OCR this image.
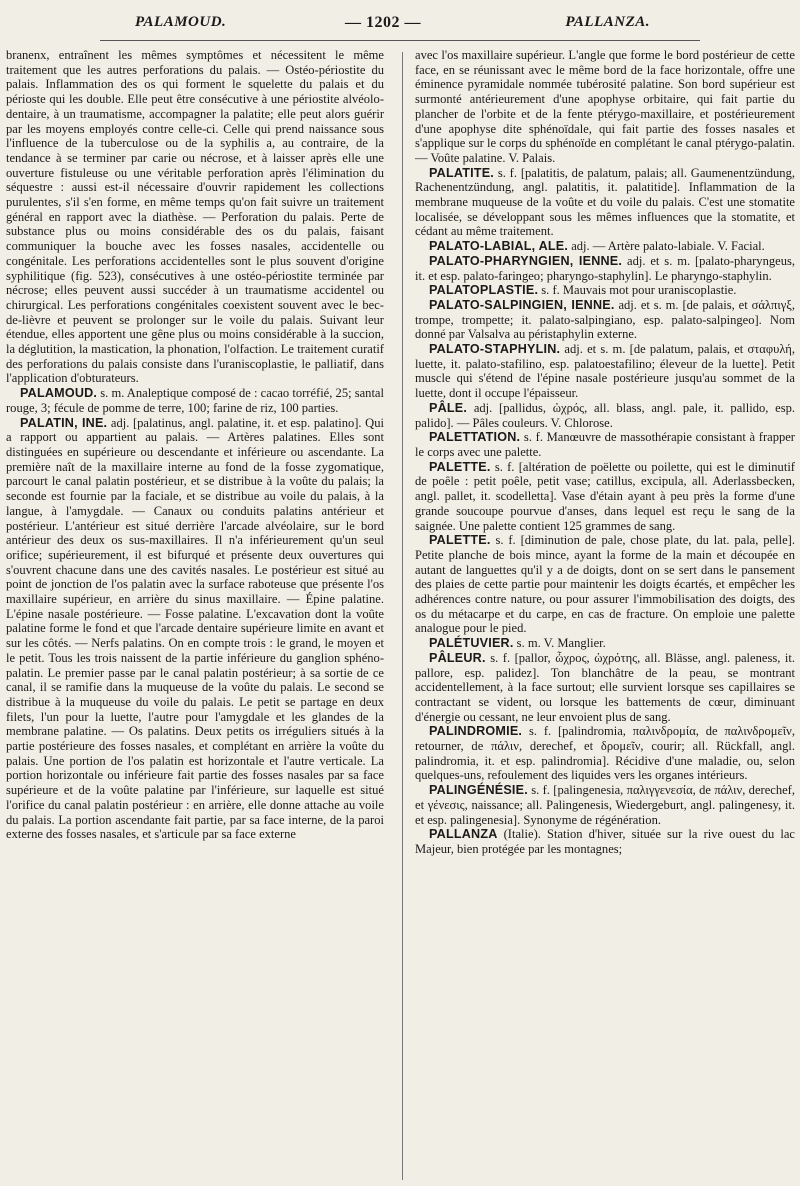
PALAMOUD.	— 1202 —	PALLANZA.

branenx, entraînent les mêmes symptômes et nécessitent le même traitement que les autres perforations du palais. — Ostéo-périostite du palais. Inflammation des os qui forment le squelette du palais et du périoste qui les double. Elle peut être consécutive à une périostite alvéolo-dentaire, à un traumatisme, accompagner la palatite; elle peut alors guérir par les moyens employés contre celle-ci. Celle qui prend naissance sous l'influence de la tuberculose ou de la syphilis a, au contraire, de la tendance à se terminer par carie ou nécrose, et à laisser après elle une ouverture fistuleuse ou une véritable perforation après l'élimination du séquestre : aussi est-il nécessaire d'ouvrir rapidement les collections purulentes, s'il s'en forme, en même temps qu'on fait suivre un traitement général en rapport avec la diathèse. — Perforation du palais. Perte de substance plus ou moins considérable des os du palais, faisant communiquer la bouche avec les fosses nasales, accidentelle ou congénitale. Les perforations accidentelles sont le plus souvent d'origine syphilitique (fig. 523), consécutives à une ostéo-périostite terminée par nécrose; elles peuvent aussi succéder à un traumatisme accidentel ou chirurgical. Les perforations congénitales coexistent souvent avec le bec-de-lièvre et peuvent se prolonger sur le voile du palais. Suivant leur étendue, elles apportent une gêne plus ou moins considérable à la succion, la déglutition, la mastication, la phonation, l'olfaction. Le traitement curatif des perforations du palais consiste dans l'uraniscoplastie, le palliatif, dans l'application d'obturateurs.

PALAMOUD. s. m. Analeptique composé de : cacao torréfié, 25; santal rouge, 3; fécule de pomme de terre, 100; farine de riz, 100 parties.

PALATIN, INE. adj. [palatinus, angl. palatine, it. et esp. palatino]. Qui a rapport ou appartient au palais. — Artères palatines. Elles sont distinguées en supérieure ou descendante et inférieure ou ascendante. La première naît de la maxillaire interne au fond de la fosse zygomatique, parcourt le canal palatin postérieur, et se distribue à la voûte du palais; la seconde est fournie par la faciale, et se distribue au voile du palais, à la langue, à l'amygdale. — Canaux ou conduits palatins antérieur et postérieur. L'antérieur est situé derrière l'arcade alvéolaire, sur le bord antérieur des deux os sus-maxillaires. Il n'a inférieurement qu'un seul orifice; supérieurement, il est bifurqué et présente deux ouvertures qui s'ouvrent chacune dans une des cavités nasales. Le postérieur est situé au point de jonction de l'os palatin avec la surface raboteuse que présente l'os maxillaire supérieur, en arrière du sinus maxillaire. — Épine palatine. L'épine nasale postérieure. — Fosse palatine. L'excavation dont la voûte palatine forme le fond et que l'arcade dentaire supérieure limite en avant et sur les côtés. — Nerfs palatins. On en compte trois : le grand, le moyen et le petit. Tous les trois naissent de la partie inférieure du ganglion sphéno-palatin. Le premier passe par le canal palatin postérieur; à sa sortie de ce canal, il se ramifie dans la muqueuse de la voûte du palais. Le second se distribue à la muqueuse du voile du palais. Le petit se partage en deux filets, l'un pour la luette, l'autre pour l'amygdale et les glandes de la membrane palatine. — Os palatins. Deux petits os irréguliers situés à la partie postérieure des fosses nasales, et complétant en arrière la voûte du palais. Une portion de l'os palatin est horizontale et l'autre verticale. La portion horizontale ou inférieure fait partie des fosses nasales par sa face supérieure et de la voûte palatine par l'inférieure, sur laquelle est situé l'orifice du canal palatin postérieur : en arrière, elle donne attache au voile du palais. La portion ascendante fait partie, par sa face interne, de la paroi externe des fosses nasales, et s'articule par sa face externe

avec l'os maxillaire supérieur. L'angle que forme le bord postérieur de cette face, en se réunissant avec le même bord de la face horizontale, offre une éminence pyramidale nommée tubérosité palatine. Son bord supérieur est surmonté antérieurement d'une apophyse orbitaire, qui fait partie du plancher de l'orbite et de la fente ptérygo-maxillaire, et postérieurement d'une apophyse dite sphénoïdale, qui fait partie des fosses nasales et s'applique sur le corps du sphénoïde en complétant le canal ptérygo-palatin. — Voûte palatine. V. Palais.

PALATITE. s. f. [palatitis, de palatum, palais; all. Gaumenentzündung, Rachenentzündung, angl. palatitis, it. palatitide]. Inflammation de la membrane muqueuse de la voûte et du voile du palais. C'est une stomatite localisée, se développant sous les mêmes influences que la stomatite, et cédant au même traitement.

PALATO-LABIAL, ALE. adj. — Artère palato-labiale. V. Facial.

PALATO-PHARYNGIEN, IENNE. adj. et s. m. [palato-pharyngeus, it. et esp. palato-faringeo; pharyngo-staphylin]. Le pharyngo-staphylin.

PALATOPLASTIE. s. f. Mauvais mot pour uraniscoplastie.

PALATO-SALPINGIEN, IENNE. adj. et s. m. [de palais, et σάλπιγξ, trompe, trompette; it. palato-salpingiano, esp. palato-salpingeo]. Nom donné par Valsalva au péristaphylin externe.

PALATO-STAPHYLIN. adj. et s. m. [de palatum, palais, et σταφυλή, luette, it. palato-stafilino, esp. palatoestafilino; éleveur de la luette]. Petit muscle qui s'étend de l'épine nasale postérieure jusqu'au sommet de la luette, dont il occupe l'épaisseur.

PÂLE. adj. [pallidus, ὠχρός, all. blass, angl. pale, it. pallido, esp. palido]. — Pâles couleurs. V. Chlorose.

PALETTATION. s. f. Manœuvre de massothérapie consistant à frapper le corps avec une palette.

PALETTE. s. f. [altération de poëlette ou poilette, qui est le diminutif de poêle : petit poêle, petit vase; catillus, excipula, all. Aderlassbecken, angl. pallet, it. scodelletta]. Vase d'étain ayant à peu près la forme d'une grande soucoupe pourvue d'anses, dans lequel est reçu le sang de la saignée. Une palette contient 125 grammes de sang.

PALETTE. s. f. [diminution de pale, chose plate, du lat. pala, pelle]. Petite planche de bois mince, ayant la forme de la main et découpée en autant de languettes qu'il y a de doigts, dont on se sert dans le pansement des plaies de cette partie pour maintenir les doigts écartés, et empêcher les adhérences contre nature, ou pour assurer l'immobilisation des doigts, des os du métacarpe et du carpe, en cas de fracture. On emploie une palette analogue pour le pied.

PALÉTUVIER. s. m. V. Manglier.

PÂLEUR. s. f. [pallor, ὦχρος, ὠχρότης, all. Blässe, angl. paleness, it. pallore, esp. palidez]. Ton blanchâtre de la peau, se montrant accidentellement, à la face surtout; elle survient lorsque ses capillaires se contractant se vident, ou lorsque les battements de cœur, diminuant d'énergie ou cessant, ne leur envoient plus de sang.

PALINDROMIE. s. f. [palindromia, παλινδρομία, de παλινδρομεῖν, retourner, de πάλιν, derechef, et δρομεῖν, courir; all. Rückfall, angl. palindromia, it. et esp. palindromia]. Récidive d'une maladie, ou, selon quelques-uns, refoulement des liquides vers les organes intérieurs.

PALINGÉNÉSIE. s. f. [palingenesia, παλιγγενεσία, de πάλιν, derechef, et γένεσις, naissance; all. Palingenesis, Wiedergeburt, angl. palingenesy, it. et esp. palingenesia]. Synonyme de régénération.

PALLANZA (Italie). Station d'hiver, située sur la rive ouest du lac Majeur, bien protégée par les montagnes;
